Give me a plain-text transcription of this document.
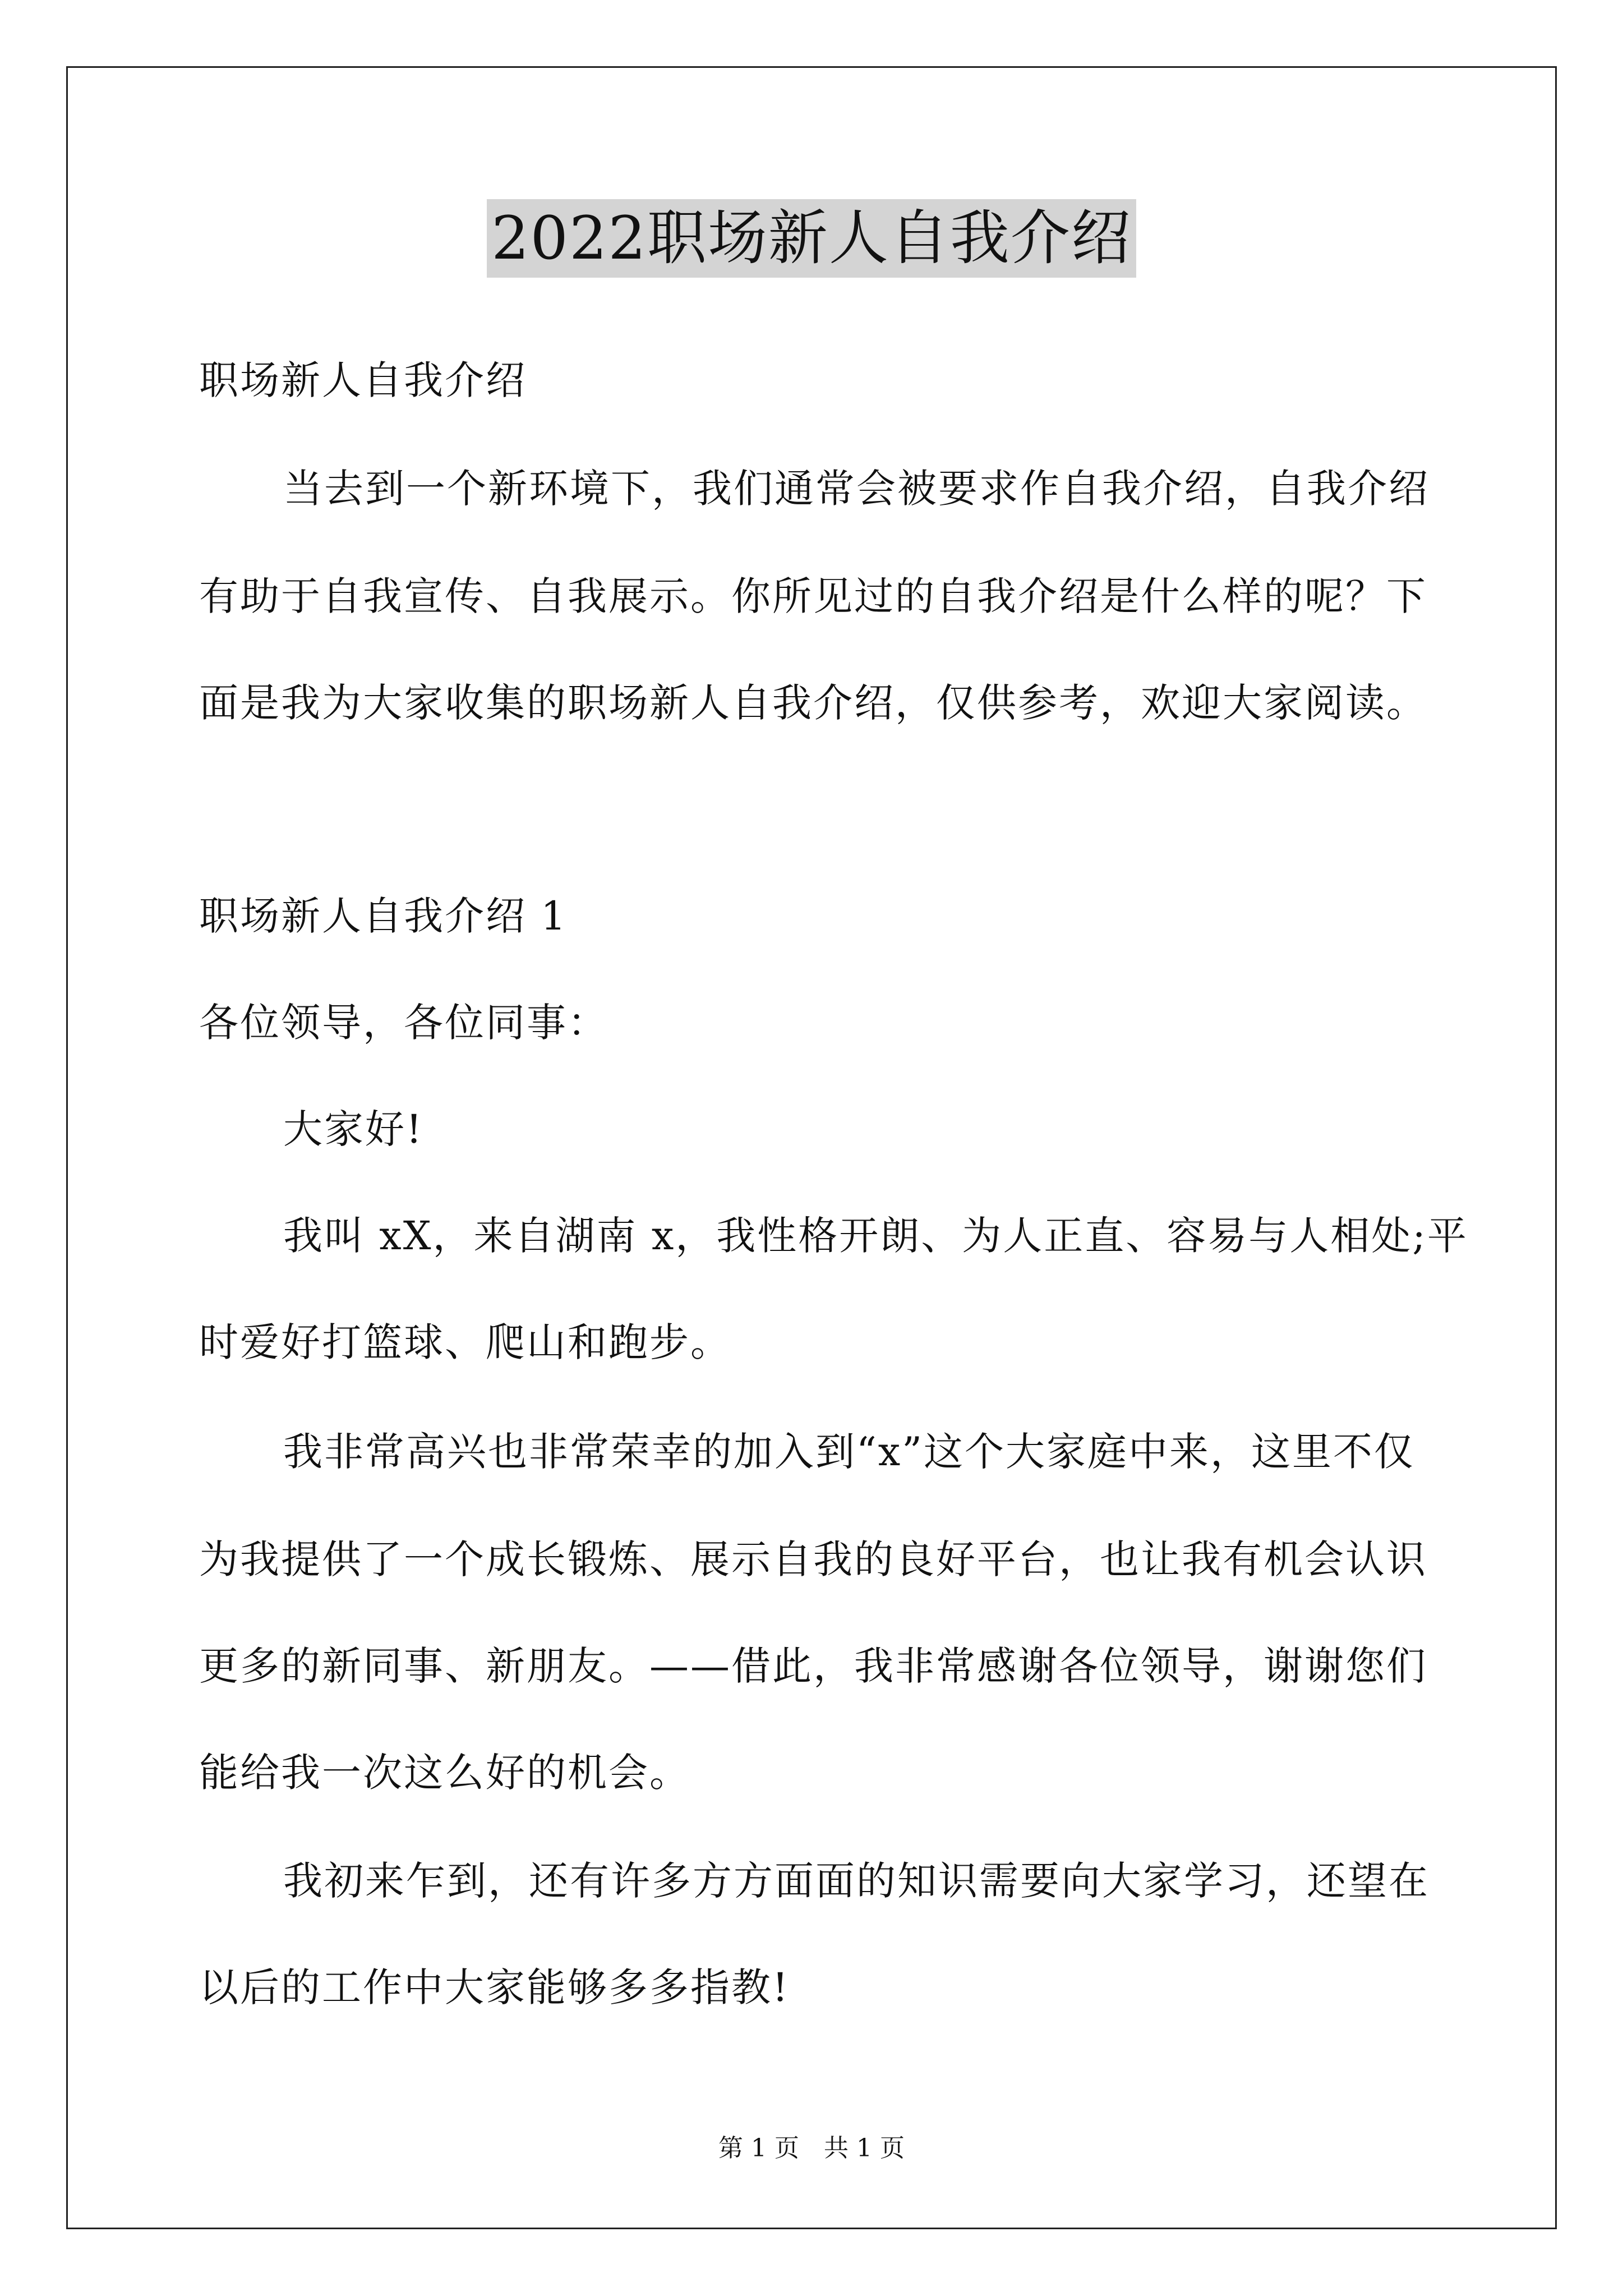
2022职场新人自我介绍

职场新人自我介绍

当去到一个新环境下，我们通常会被要求作自我介绍，自我介绍

有助于自我宣传、自我展示。你所见过的自我介绍是什么样的呢？下

面是我为大家收集的职场新人自我介绍，仅供参考，欢迎大家阅读。

职场新人自我介绍 1

各位领导，各位同事：

大家好!

我叫 xX，来自湖南 x，我性格开朗、为人正直、容易与人相处;平

时爱好打篮球、爬山和跑步。

我非常高兴也非常荣幸的加入到“x”这个大家庭中来，这里不仅

为我提供了一个成长锻炼、展示自我的良好平台，也让我有机会认识

更多的新同事、新朋友。——借此，我非常感谢各位领导，谢谢您们

能给我一次这么好的机会。

我初来乍到，还有许多方方面面的知识需要向大家学习，还望在

以后的工作中大家能够多多指教!

第 1 页　共 1 页
